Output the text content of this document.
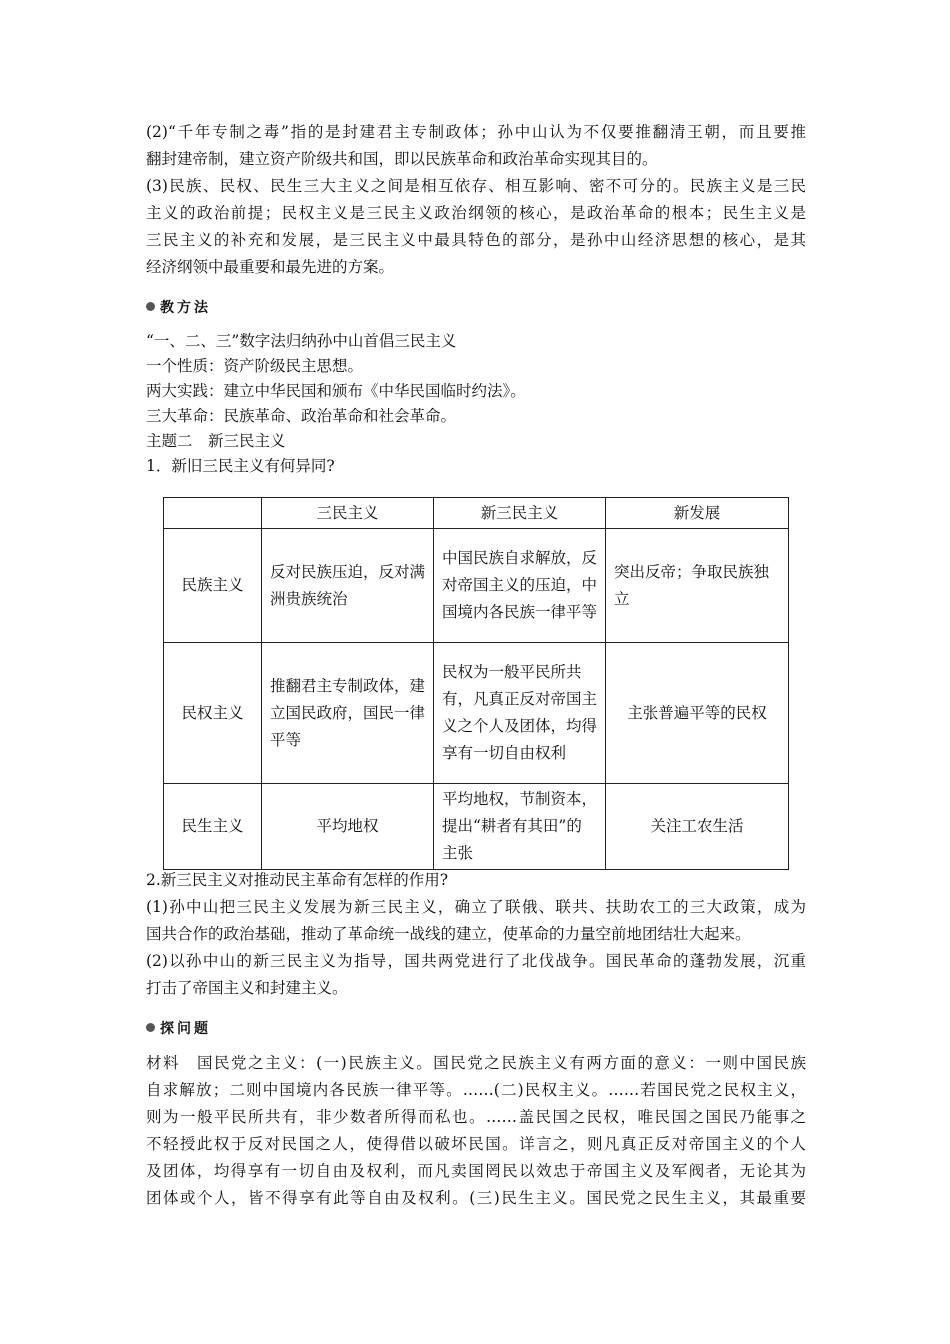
(2)“千年专制之毒”指的是封建君主专制政体；孙中山认为不仅要推翻清王朝，而且要推
翻封建帝制，建立资产阶级共和国，即以民族革命和政治革命实现其目的。
(3)民族、民权、民生三大主义之间是相互依存、相互影响、密不可分的。民族主义是三民
主义的政治前提；民权主义是三民主义政治纲领的核心，是政治革命的根本；民生主义是
三民主义的补充和发展，是三民主义中最具特色的部分，是孙中山经济思想的核心，是其
经济纲领中最重要和最先进的方案。
教方法
“一、二、三”数字法归纳孙中山首倡三民主义
一个性质：资产阶级民主思想。
两大实践：建立中华民国和颁布《中华民国临时约法》。
三大革命：民族革命、政治革命和社会革命。
主题二　新三民主义
1．新旧三民主义有何异同?
	三民主义	新三民主义	新发展
民族主义	反对民族压迫，反对满洲贵族统治	中国民族自求解放，反对帝国主义的压迫，中国境内各民族一律平等	突出反帝；争取民族独立
民权主义	推翻君主专制政体，建立国民政府，国民一律平等	民权为一般平民所共有，凡真正反对帝国主义之个人及团体，均得享有一切自由权利	主张普遍平等的民权
民生主义	平均地权	平均地权，节制资本，提出“耕者有其田”的主张	关注工农生活
2.新三民主义对推动民主革命有怎样的作用?
(1)孙中山把三民主义发展为新三民主义，确立了联俄、联共、扶助农工的三大政策，成为
国共合作的政治基础，推动了革命统一战线的建立，使革命的力量空前地团结壮大起来。
(2)以孙中山的新三民主义为指导，国共两党进行了北伐战争。国民革命的蓬勃发展，沉重
打击了帝国主义和封建主义。
探问题
材料　国民党之主义：(一)民族主义。国民党之民族主义有两方面的意义：一则中国民族
自求解放；二则中国境内各民族一律平等。……(二)民权主义。……若国民党之民权主义，
则为一般平民所共有，非少数者所得而私也。……盖民国之民权，唯民国之国民乃能事之
不轻授此权于反对民国之人，使得借以破坏民国。详言之，则凡真正反对帝国主义的个人
及团体，均得享有一切自由及权利，而凡卖国罔民以效忠于帝国主义及军阀者，无论其为
团体或个人，皆不得享有此等自由及权利。(三)民生主义。国民党之民生主义，其最重要
